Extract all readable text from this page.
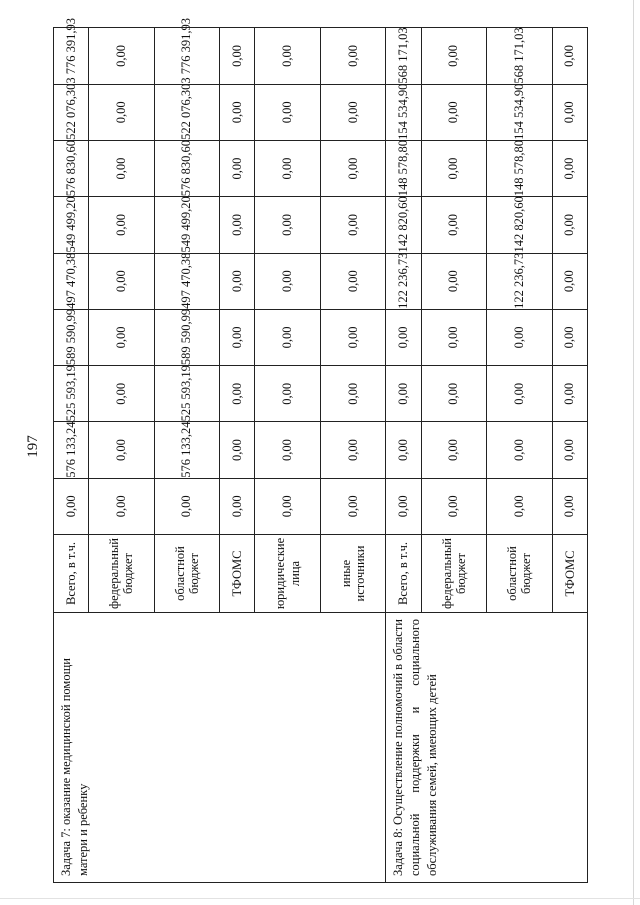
197
Задача 7: оказание медицинской помощи матери и ребенку	Всего, в т.ч.	0,00	576 133,24	525 593,19	589 590,99	497 470,38	549 499,20	576 830,60	522 076,30	3 776 391,93
	федеральный бюджет	0,00	0,00	0,00	0,00	0,00	0,00	0,00	0,00	0,00
	областной бюджет	0,00	576 133,24	525 593,19	589 590,99	497 470,38	549 499,20	576 830,60	522 076,30	3 776 391,93
	ТФОМС	0,00	0,00	0,00	0,00	0,00	0,00	0,00	0,00	0,00
	юридические лица	0,00	0,00	0,00	0,00	0,00	0,00	0,00	0,00	0,00
	иные источники	0,00	0,00	0,00	0,00	0,00	0,00	0,00	0,00	0,00
Задача 8: Осуществление полномочий в области социальной поддержки и социального обслуживания семей, имеющих детей	Всего, в т.ч.	0,00	0,00	0,00	0,00	122 236,73	142 820,60	148 578,80	154 534,90	568 171,03
	федеральный бюджет	0,00	0,00	0,00	0,00	0,00	0,00	0,00	0,00	0,00
	областной бюджет	0,00	0,00	0,00	0,00	122 236,73	142 820,60	148 578,80	154 534,90	568 171,03
	ТФОМС	0,00	0,00	0,00	0,00	0,00	0,00	0,00	0,00	0,00
